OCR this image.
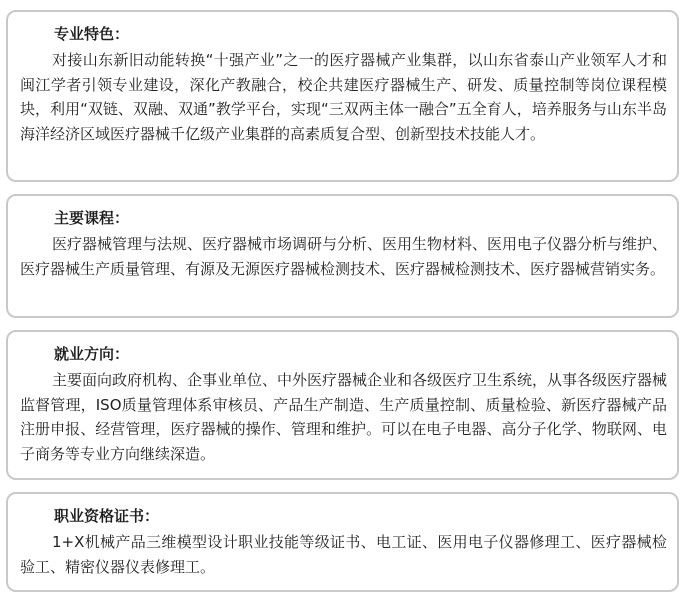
专业特色：

对接山东新旧动能转换“十强产业”之一的医疗器械产业集群，以山东省泰山产业领军人才和闽江学者引领专业建设，深化产教融合，校企共建医疗器械生产、研发、质量控制等岗位课程模块，利用“双链、双融、双通”教学平台，实现“三双两主体一融合”五全育人，培养服务与山东半岛海洋经济区域医疗器械千亿级产业集群的高素质复合型、创新型技术技能人才。

主要课程：

医疗器械管理与法规、医疗器械市场调研与分析、医用生物材料、医用电子仪器分析与维护、医疗器械生产质量管理、有源及无源医疗器械检测技术、医疗器械检测技术、医疗器械营销实务。

就业方向：

主要面向政府机构、企事业单位、中外医疗器械企业和各级医疗卫生系统，从事各级医疗器械监督管理，ISO质量管理体系审核员、产品生产制造、生产质量控制、质量检验、新医疗器械产品注册申报、经营管理，医疗器械的操作、管理和维护。可以在电子电器、高分子化学、物联网、电子商务等专业方向继续深造。

职业资格证书：

1+X机械产品三维模型设计职业技能等级证书、电工证、医用电子仪器修理工、医疗器械检验工、精密仪器仪表修理工。
